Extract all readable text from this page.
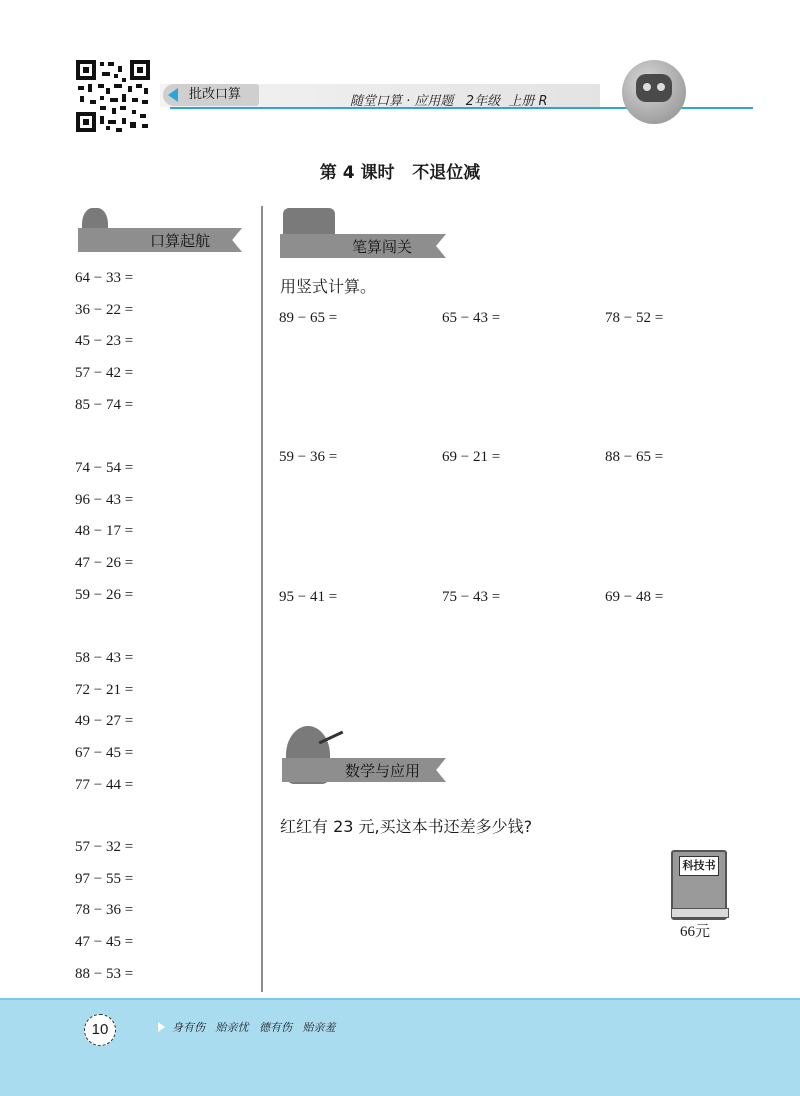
批改口算	随堂口算 · 应用题   2年级  上册 R
第 4 课时   不退位减
口算起航
64 − 33 =
36 − 22 =
45 − 23 =
57 − 42 =
85 − 74 =
74 − 54 =
96 − 43 =
48 − 17 =
47 − 26 =
59 − 26 =
58 − 43 =
72 − 21 =
49 − 27 =
67 − 45 =
77 − 44 =
57 − 32 =
97 − 55 =
78 − 36 =
47 − 45 =
88 − 53 =
笔算闯关
用竖式计算。
89 − 65 =	65 − 43 =	78 − 52 =
59 − 36 =	69 − 21 =	88 − 65 =
95 − 41 =	75 − 43 =	69 − 48 =
数学与应用
红红有 23 元,买这本书还差多少钱?
科技书
66元
10	身有伤   贻亲忧   德有伤   贻亲羞
